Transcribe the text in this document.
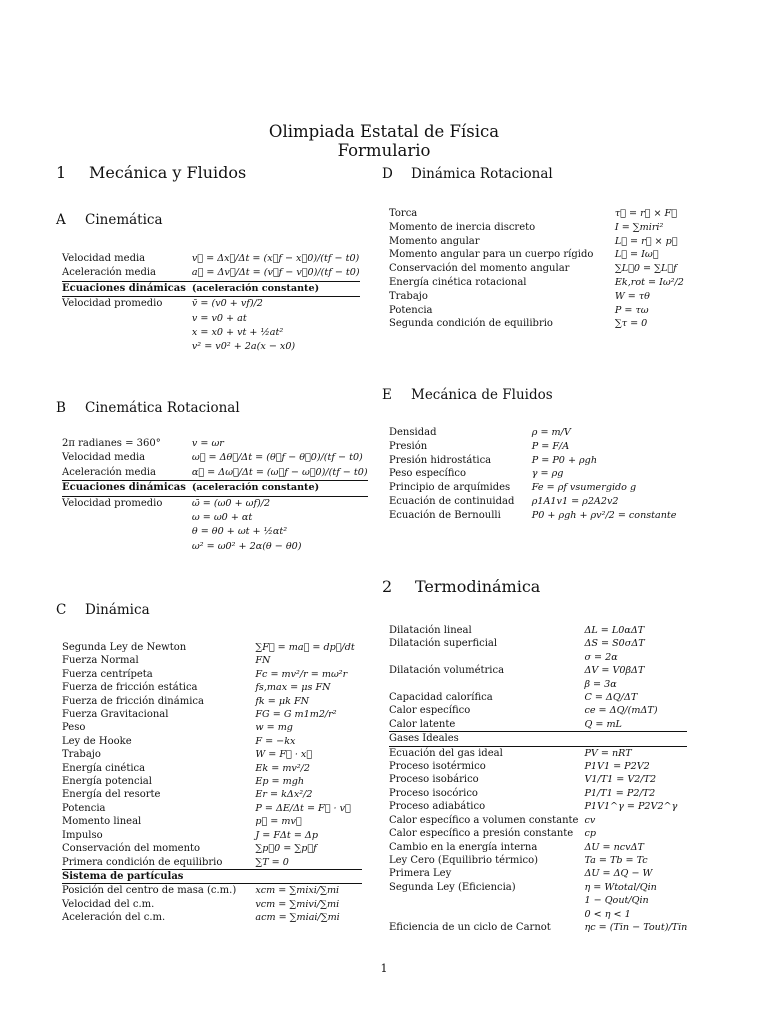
Olimpiada Estatal de Física
Formulario
1 Mecánica y Fluidos
A Cinemática
Velocidad media	v⃗ = Δx⃗/Δt = (x⃗f − x⃗0)/(tf − t0)
Aceleración media	a⃗ = Δv⃗/Δt = (v⃗f − v⃗0)/(tf − t0)
Ecuaciones dinámicas	(aceleración constante)
Velocidad promedio	v̄ = (v0 + vf)/2
	v = v0 + at
	x = x0 + vt + ½at²
	v² = v0² + 2a(x − x0)
B Cinemática Rotacional
2π radianes = 360°	v = ωr
Velocidad media	ω⃗ = Δθ⃗/Δt = (θ⃗f − θ⃗0)/(tf − t0)
Aceleración media	α⃗ = Δω⃗/Δt = (ω⃗f − ω⃗0)/(tf − t0)
Ecuaciones dinámicas	(aceleración constante)
Velocidad promedio	ω̄ = (ω0 + ωf)/2
	ω = ω0 + αt
	θ = θ0 + ωt + ½αt²
	ω² = ω0² + 2α(θ − θ0)
C Dinámica
Segunda Ley de Newton	∑F⃗ = ma⃗ = dp⃗/dt
Fuerza Normal	FN
Fuerza centrípeta	Fc = mv²/r = mω²r
Fuerza de fricción estática	fs,max = μs FN
Fuerza de fricción dinámica	fk = μk FN
Fuerza Gravitacional	FG = G m1m2/r²
Peso	w = mg
Ley de Hooke	F = −kx
Trabajo	W = F⃗ · x⃗
Energía cinética	Ek = mv²/2
Energía potencial	Ep = mgh
Energía del resorte	Er = kΔx²/2
Potencia	P = ΔE/Δt = F⃗ · v⃗
Momento lineal	p⃗ = mv⃗
Impulso	J = FΔt = Δp
Conservación del momento	∑p⃗0 = ∑p⃗f
Primera condición de equilibrio	∑T = 0
Sistema de partículas	
Posición del centro de masa (c.m.)	xcm = ∑mixi/∑mi
Velocidad del c.m.	vcm = ∑mivi/∑mi
Aceleración del c.m.	acm = ∑miai/∑mi
D Dinámica Rotacional
Torca	τ⃗ = r⃗ × F⃗
Momento de inercia discreto	I = ∑miri²
Momento angular	L⃗ = r⃗ × p⃗
Momento angular para un cuerpo rígido	L⃗ = Iω⃗
Conservación del momento angular	∑L⃗0 = ∑L⃗f
Energía cinética rotacional	Ek,rot = Iω²/2
Trabajo	W = τθ
Potencia	P = τω
Segunda condición de equilibrio	∑τ = 0
E Mecánica de Fluidos
Densidad	ρ = m/V
Presión	P = F/A
Presión hidrostática	P = P0 + ρgh
Peso específico	γ = ρg
Principio de arquímides	Fe = ρf vsumergido g
Ecuación de continuidad	ρ1A1v1 = ρ2A2v2
Ecuación de Bernoulli	P0 + ρgh + ρv²/2 = constante
2 Termodinámica
Dilatación lineal	ΔL = L0αΔT
Dilatación superficial	ΔS = S0σΔT
	σ = 2α
Dilatación volumétrica	ΔV = V0βΔT
	β = 3α
Capacidad calorífica	C = ΔQ/ΔT
Calor específico	ce = ΔQ/(mΔT)
Calor latente	Q = mL
Gases Ideales	
Ecuación del gas ideal	PV = nRT
Proceso isotérmico	P1V1 = P2V2
Proceso isobárico	V1/T1 = V2/T2
Proceso isocórico	P1/T1 = P2/T2
Proceso adiabático	P1V1^γ = P2V2^γ
Calor específico a volumen constante	cv
Calor específico a presión constante	cp
Cambio en la energía interna	ΔU = ncvΔT
Ley Cero (Equilibrio térmico)	Ta = Tb = Tc
Primera Ley	ΔU = ΔQ − W
Segunda Ley (Eficiencia)	η = Wtotal/Qin
	1 − Qout/Qin
	0 < η < 1
Eficiencia de un ciclo de Carnot	ηc = (Tin − Tout)/Tin
1
